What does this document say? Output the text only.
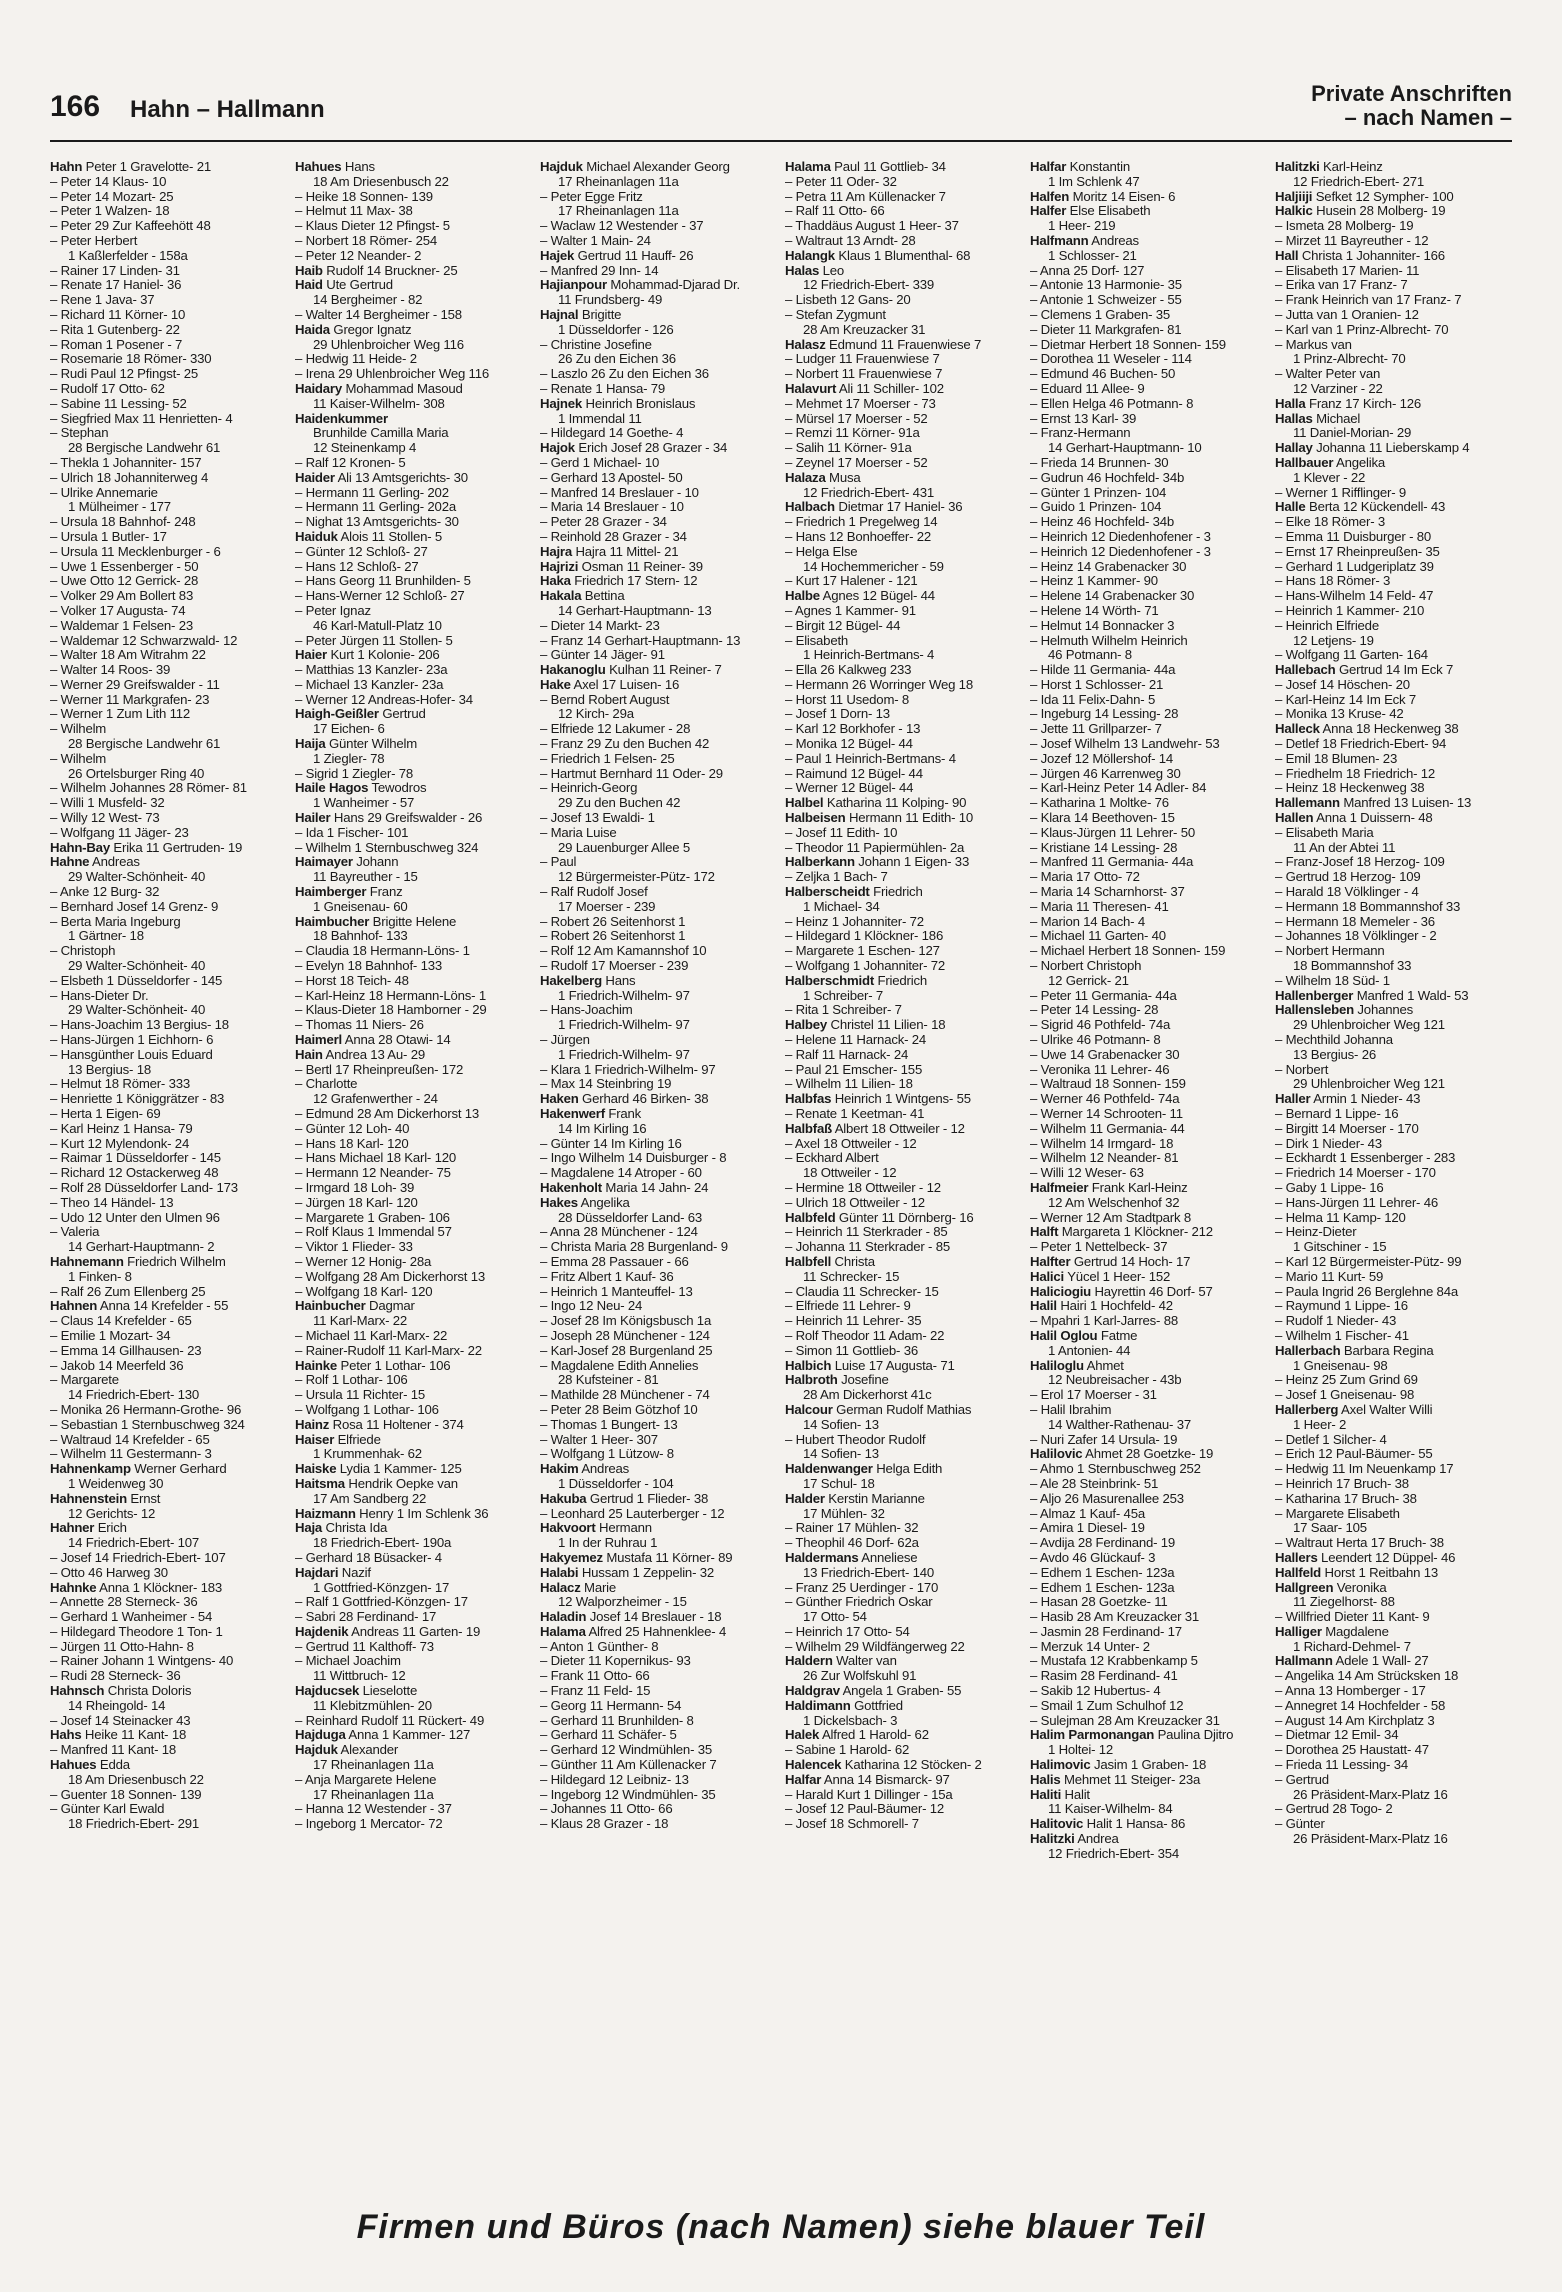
166 Hahn – Hallmann
Private Anschriften
– nach Namen –
Hahn Peter 1 Gravelotte- 21
– Peter 14 Klaus- 10
– Peter 14 Mozart- 25
– Peter 1 Walzen- 18
– Peter 29 Zur Kaffeehött 48
– Peter Herbert
1 Kaßlerfelder - 158a
– Rainer 17 Linden- 31
– Renate 17 Haniel- 36
– Rene 1 Java- 37
– Richard 11 Körner- 10
– Rita 1 Gutenberg- 22
– Roman 1 Posener - 7
– Rosemarie 18 Römer- 330
– Rudi Paul 12 Pfingst- 25
– Rudolf 17 Otto- 62
– Sabine 11 Lessing- 52
– Siegfried Max 11 Henrietten- 4
– Stephan
28 Bergische Landwehr 61
– Thekla 1 Johanniter- 157
– Ulrich 18 Johanniterweg 4
– Ulrike Annemarie
1 Mülheimer - 177
– Ursula 18 Bahnhof- 248
– Ursula 1 Butler- 17
– Ursula 11 Mecklenburger - 6
– Uwe 1 Essenberger - 50
– Uwe Otto 12 Gerrick- 28
– Volker 29 Am Bollert 83
– Volker 17 Augusta- 74
– Waldemar 1 Felsen- 23
– Waldemar 12 Schwarzwald- 12
– Walter 18 Am Witrahm 22
– Walter 14 Roos- 39
– Werner 29 Greifswalder - 11
– Werner 11 Markgrafen- 23
– Werner 1 Zum Lith 112
– Wilhelm
28 Bergische Landwehr 61
– Wilhelm
26 Ortelsburger Ring 40
– Wilhelm Johannes 28 Römer- 81
– Willi 1 Musfeld- 32
– Willy 12 West- 73
– Wolfgang 11 Jäger- 23
Hahn-Bay Erika 11 Gertruden- 19
Hahne Andreas
29 Walter-Schönheit- 40
– Anke 12 Burg- 32
– Bernhard Josef 14 Grenz- 9
– Berta Maria Ingeburg
1 Gärtner- 18
– Christoph
29 Walter-Schönheit- 40
– Elsbeth 1 Düsseldorfer - 145
– Hans-Dieter Dr.
29 Walter-Schönheit- 40
– Hans-Joachim 13 Bergius- 18
– Hans-Jürgen 1 Eichhorn- 6
– Hansgünther Louis Eduard
13 Bergius- 18
– Helmut 18 Römer- 333
– Henriette 1 Königgrätzer - 83
– Herta 1 Eigen- 69
– Karl Heinz 1 Hansa- 79
– Kurt 12 Mylendonk- 24
– Raimar 1 Düsseldorfer - 145
– Richard 12 Ostackerweg 48
– Rolf 28 Düsseldorfer Land- 173
– Theo 14 Händel- 13
– Udo 12 Unter den Ulmen 96
– Valeria
14 Gerhart-Hauptmann- 2
Hahnemann Friedrich Wilhelm
1 Finken- 8
– Ralf 26 Zum Ellenberg 25
Hahnen Anna 14 Krefelder - 55
– Claus 14 Krefelder - 65
– Emilie 1 Mozart- 34
– Emma 14 Gillhausen- 23
– Jakob 14 Meerfeld 36
– Margarete
14 Friedrich-Ebert- 130
– Monika 26 Hermann-Grothe- 96
– Sebastian 1 Sternbuschweg 324
– Waltraud 14 Krefelder - 65
– Wilhelm 11 Gestermann- 3
Hahnenkamp Werner Gerhard
1 Weidenweg 30
Hahnenstein Ernst
12 Gerichts- 12
Hahner Erich
14 Friedrich-Ebert- 107
– Josef 14 Friedrich-Ebert- 107
– Otto 46 Harweg 30
Hahnke Anna 1 Klöckner- 183
– Annette 28 Sterneck- 36
– Gerhard 1 Wanheimer - 54
– Hildegard Theodore 1 Ton- 1
– Jürgen 11 Otto-Hahn- 8
– Rainer Johann 1 Wintgens- 40
– Rudi 28 Sterneck- 36
Hahnsch Christa Doloris
14 Rheingold- 14
– Josef 14 Steinacker 43
Hahs Heike 11 Kant- 18
– Manfred 11 Kant- 18
Hahues Edda
18 Am Driesenbusch 22
– Guenter 18 Sonnen- 139
– Günter Karl Ewald
18 Friedrich-Ebert- 291
Hahues Hans
18 Am Driesenbusch 22
– Heike 18 Sonnen- 139
– Helmut 11 Max- 38
– Klaus Dieter 12 Pfingst- 5
– Norbert 18 Römer- 254
– Peter 12 Neander- 2
Haib Rudolf 14 Bruckner- 25
Haid Ute Gertrud
14 Bergheimer - 82
– Walter 14 Bergheimer - 158
Haida Gregor Ignatz
29 Uhlenbroicher Weg 116
– Hedwig 11 Heide- 2
– Irena 29 Uhlenbroicher Weg 116
Haidary Mohammad Masoud
11 Kaiser-Wilhelm- 308
Haidenkummer
Brunhilde Camilla Maria
12 Steinenkamp 4
– Ralf 12 Kronen- 5
Haider Ali 13 Amtsgerichts- 30
– Hermann 11 Gerling- 202
– Hermann 11 Gerling- 202a
– Nighat 13 Amtsgerichts- 30
Haiduk Alois 11 Stollen- 5
– Günter 12 Schloß- 27
– Hans 12 Schloß- 27
– Hans Georg 11 Brunhilden- 5
– Hans-Werner 12 Schloß- 27
– Peter Ignaz
46 Karl-Matull-Platz 10
– Peter Jürgen 11 Stollen- 5
Haier Kurt 1 Kolonie- 206
– Matthias 13 Kanzler- 23a
– Michael 13 Kanzler- 23a
– Werner 12 Andreas-Hofer- 34
Haigh-Geißler Gertrud
17 Eichen- 6
Haija Günter Wilhelm
1 Ziegler- 78
– Sigrid 1 Ziegler- 78
Haile Hagos Tewodros
1 Wanheimer - 57
Hailer Hans 29 Greifswalder - 26
– Ida 1 Fischer- 101
– Wilhelm 1 Sternbuschweg 324
Haimayer Johann
11 Bayreuther - 15
Haimberger Franz
1 Gneisenau- 60
Haimbucher Brigitte Helene
18 Bahnhof- 133
– Claudia 18 Hermann-Löns- 1
– Evelyn 18 Bahnhof- 133
– Horst 18 Teich- 48
– Karl-Heinz 18 Hermann-Löns- 1
– Klaus-Dieter 18 Hamborner - 29
– Thomas 11 Niers- 26
Haimerl Anna 28 Otawi- 14
Hain Andrea 13 Au- 29
– Bertl 17 Rheinpreußen- 172
– Charlotte
12 Grafenwerther - 24
– Edmund 28 Am Dickerhorst 13
– Günter 12 Loh- 40
– Hans 18 Karl- 120
– Hans Michael 18 Karl- 120
– Hermann 12 Neander- 75
– Irmgard 18 Loh- 39
– Jürgen 18 Karl- 120
– Margarete 1 Graben- 106
– Rolf Klaus 1 Immendal 57
– Viktor 1 Flieder- 33
– Werner 12 Honig- 28a
– Wolfgang 28 Am Dickerhorst 13
– Wolfgang 18 Karl- 120
Hainbucher Dagmar
11 Karl-Marx- 22
– Michael 11 Karl-Marx- 22
– Rainer-Rudolf 11 Karl-Marx- 22
Hainke Peter 1 Lothar- 106
– Rolf 1 Lothar- 106
– Ursula 11 Richter- 15
– Wolfgang 1 Lothar- 106
Hainz Rosa 11 Holtener - 374
Haiser Elfriede
1 Krummenhak- 62
Haiske Lydia 1 Kammer- 125
Haitsma Hendrik Oepke van
17 Am Sandberg 22
Haizmann Henry 1 Im Schlenk 36
Haja Christa Ida
18 Friedrich-Ebert- 190a
– Gerhard 18 Büsacker- 4
Hajdari Nazif
1 Gottfried-Könzgen- 17
– Ralf 1 Gottfried-Könzgen- 17
– Sabri 28 Ferdinand- 17
Hajdenik Andreas 11 Garten- 19
– Gertrud 11 Kalthoff- 73
– Michael Joachim
11 Wittbruch- 12
Hajducsek Lieselotte
11 Klebitzmühlen- 20
– Reinhard Rudolf 11 Rückert- 49
Hajduga Anna 1 Kammer- 127
Hajduk Alexander
17 Rheinanlagen 11a
– Anja Margarete Helene
17 Rheinanlagen 11a
– Hanna 12 Westender - 37
– Ingeborg 1 Mercator- 72
Hajduk Michael Alexander Georg
17 Rheinanlagen 11a
– Peter Egge Fritz
17 Rheinanlagen 11a
– Waclaw 12 Westender - 37
– Walter 1 Main- 24
Hajek Gertrud 11 Hauff- 26
– Manfred 29 Inn- 14
Hajianpour Mohammad-Djarad Dr.
11 Frundsberg- 49
Hajnal Brigitte
1 Düsseldorfer - 126
– Christine Josefine
26 Zu den Eichen 36
– Laszlo 26 Zu den Eichen 36
– Renate 1 Hansa- 79
Hajnek Heinrich Bronislaus
1 Immendal 11
– Hildegard 14 Goethe- 4
Hajok Erich Josef 28 Grazer - 34
– Gerd 1 Michael- 10
– Gerhard 13 Apostel- 50
– Manfred 14 Breslauer - 10
– Maria 14 Breslauer - 10
– Peter 28 Grazer - 34
– Reinhold 28 Grazer - 34
Hajra Hajra 11 Mittel- 21
Hajrizi Osman 11 Reiner- 39
Haka Friedrich 17 Stern- 12
Hakala Bettina
14 Gerhart-Hauptmann- 13
– Dieter 14 Markt- 23
– Franz 14 Gerhart-Hauptmann- 13
– Günter 14 Jäger- 91
Hakanoglu Kulhan 11 Reiner- 7
Hake Axel 17 Luisen- 16
– Bernd Robert August
12 Kirch- 29a
– Elfriede 12 Lakumer - 28
– Franz 29 Zu den Buchen 42
– Friedrich 1 Felsen- 25
– Hartmut Bernhard 11 Oder- 29
– Heinrich-Georg
29 Zu den Buchen 42
– Josef 13 Ewaldi- 1
– Maria Luise
29 Lauenburger Allee 5
– Paul
12 Bürgermeister-Pütz- 172
– Ralf Rudolf Josef
17 Moerser - 239
– Robert 26 Seitenhorst 1
– Robert 26 Seitenhorst 1
– Rolf 12 Am Kamannshof 10
– Rudolf 17 Moerser - 239
Hakelberg Hans
1 Friedrich-Wilhelm- 97
– Hans-Joachim
1 Friedrich-Wilhelm- 97
– Jürgen
1 Friedrich-Wilhelm- 97
– Klara 1 Friedrich-Wilhelm- 97
– Max 14 Steinbring 19
Haken Gerhard 46 Birken- 38
Hakenwerf Frank
14 Im Kirling 16
– Günter 14 Im Kirling 16
– Ingo Wilhelm 14 Duisburger - 8
– Magdalene 14 Atroper - 60
Hakenholt Maria 14 Jahn- 24
Hakes Angelika
28 Düsseldorfer Land- 63
– Anna 28 Münchener - 124
– Christa Maria 28 Burgenland- 9
– Emma 28 Passauer - 66
– Fritz Albert 1 Kauf- 36
– Heinrich 1 Manteuffel- 13
– Ingo 12 Neu- 24
– Josef 28 Im Königsbusch 1a
– Joseph 28 Münchener - 124
– Karl-Josef 28 Burgenland 25
– Magdalene Edith Annelies
28 Kufsteiner - 81
– Mathilde 28 Münchener - 74
– Peter 28 Beim Götzhof 10
– Thomas 1 Bungert- 13
– Walter 1 Heer- 307
– Wolfgang 1 Lützow- 8
Hakim Andreas
1 Düsseldorfer - 104
Hakuba Gertrud 1 Flieder- 38
– Leonhard 25 Lauterberger - 12
Hakvoort Hermann
1 In der Ruhrau 1
Hakyemez Mustafa 11 Körner- 89
Halabi Hussam 1 Zeppelin- 32
Halacz Marie
12 Walporzheimer - 15
Haladin Josef 14 Breslauer - 18
Halama Alfred 25 Hahnenklee- 4
– Anton 1 Günther- 8
– Dieter 11 Kopernikus- 93
– Frank 11 Otto- 66
– Franz 11 Feld- 15
– Georg 11 Hermann- 54
– Gerhard 11 Brunhilden- 8
– Gerhard 11 Schäfer- 5
– Gerhard 12 Windmühlen- 35
– Günther 11 Am Küllenacker 7
– Hildegard 12 Leibniz- 13
– Ingeborg 12 Windmühlen- 35
– Johannes 11 Otto- 66
– Klaus 28 Grazer - 18
Halama Paul 11 Gottlieb- 34
– Peter 11 Oder- 32
– Petra 11 Am Küllenacker 7
– Ralf 11 Otto- 66
– Thaddäus August 1 Heer- 37
– Waltraut 13 Arndt- 28
Halangk Klaus 1 Blumenthal- 68
Halas Leo
12 Friedrich-Ebert- 339
– Lisbeth 12 Gans- 20
– Stefan Zygmunt
28 Am Kreuzacker 31
Halasz Edmund 11 Frauenwiese 7
– Ludger 11 Frauenwiese 7
– Norbert 11 Frauenwiese 7
Halavurt Ali 11 Schiller- 102
– Mehmet 17 Moerser - 73
– Mürsel 17 Moerser - 52
– Remzi 11 Körner- 91a
– Salih 11 Körner- 91a
– Zeynel 17 Moerser - 52
Halaza Musa
12 Friedrich-Ebert- 431
Halbach Dietmar 17 Haniel- 36
– Friedrich 1 Pregelweg 14
– Hans 12 Bonhoeffer- 22
– Helga Else
14 Hochemmericher - 59
– Kurt 17 Halener - 121
Halbe Agnes 12 Bügel- 44
– Agnes 1 Kammer- 91
– Birgit 12 Bügel- 44
– Elisabeth
1 Heinrich-Bertmans- 4
– Ella 26 Kalkweg 233
– Hermann 26 Worringer Weg 18
– Horst 11 Usedom- 8
– Josef 1 Dorn- 13
– Karl 12 Borkhofer - 13
– Monika 12 Bügel- 44
– Paul 1 Heinrich-Bertmans- 4
– Raimund 12 Bügel- 44
– Werner 12 Bügel- 44
Halbel Katharina 11 Kolping- 90
Halbeisen Hermann 11 Edith- 10
– Josef 11 Edith- 10
– Theodor 11 Papiermühlen- 2a
Halberkann Johann 1 Eigen- 33
– Zeljka 1 Bach- 7
Halberscheidt Friedrich
1 Michael- 34
– Heinz 1 Johanniter- 72
– Hildegard 1 Klöckner- 186
– Margarete 1 Eschen- 127
– Wolfgang 1 Johanniter- 72
Halberschmidt Friedrich
1 Schreiber- 7
– Rita 1 Schreiber- 7
Halbey Christel 11 Lilien- 18
– Helene 11 Harnack- 24
– Ralf 11 Harnack- 24
– Paul 21 Emscher- 155
– Wilhelm 11 Lilien- 18
Halbfas Heinrich 1 Wintgens- 55
– Renate 1 Keetman- 41
Halbfaß Albert 18 Ottweiler - 12
– Axel 18 Ottweiler - 12
– Eckhard Albert
18 Ottweiler - 12
– Hermine 18 Ottweiler - 12
– Ulrich 18 Ottweiler - 12
Halbfeld Günter 11 Dörnberg- 16
– Heinrich 11 Sterkrader - 85
– Johanna 11 Sterkrader - 85
Halbfell Christa
11 Schrecker- 15
– Claudia 11 Schrecker- 15
– Elfriede 11 Lehrer- 9
– Heinrich 11 Lehrer- 35
– Rolf Theodor 11 Adam- 22
– Simon 11 Gottlieb- 36
Halbich Luise 17 Augusta- 71
Halbroth Josefine
28 Am Dickerhorst 41c
Halcour German Rudolf Mathias
14 Sofien- 13
– Hubert Theodor Rudolf
14 Sofien- 13
Haldenwanger Helga Edith
17 Schul- 18
Halder Kerstin Marianne
17 Mühlen- 32
– Rainer 17 Mühlen- 32
– Theophil 46 Dorf- 62a
Haldermans Anneliese
13 Friedrich-Ebert- 140
– Franz 25 Uerdinger - 170
– Günther Friedrich Oskar
17 Otto- 54
– Heinrich 17 Otto- 54
– Wilhelm 29 Wildfängerweg 22
Haldern Walter van
26 Zur Wolfskuhl 91
Haldgrav Angela 1 Graben- 55
Haldimann Gottfried
1 Dickelsbach- 3
Halek Alfred 1 Harold- 62
– Sabine 1 Harold- 62
Halencek Katharina 12 Stöcken- 2
Halfar Anna 14 Bismarck- 97
– Harald Kurt 1 Dillinger - 15a
– Josef 12 Paul-Bäumer- 12
– Josef 18 Schmorell- 7
Halfar Konstantin
1 Im Schlenk 47
Halfen Moritz 14 Eisen- 6
Halfer Else Elisabeth
1 Heer- 219
Halfmann Andreas
1 Schlosser- 21
– Anna 25 Dorf- 127
– Antonie 13 Harmonie- 35
– Antonie 1 Schweizer - 55
– Clemens 1 Graben- 35
– Dieter 11 Markgrafen- 81
– Dietmar Herbert 18 Sonnen- 159
– Dorothea 11 Weseler - 114
– Edmund 46 Buchen- 50
– Eduard 11 Allee- 9
– Ellen Helga 46 Potmann- 8
– Ernst 13 Karl- 39
– Franz-Hermann
14 Gerhart-Hauptmann- 10
– Frieda 14 Brunnen- 30
– Gudrun 46 Hochfeld- 34b
– Günter 1 Prinzen- 104
– Guido 1 Prinzen- 104
– Heinz 46 Hochfeld- 34b
– Heinrich 12 Diedenhofener - 3
– Heinrich 12 Diedenhofener - 3
– Heinz 14 Grabenacker 30
– Heinz 1 Kammer- 90
– Helene 14 Grabenacker 30
– Helene 14 Wörth- 71
– Helmut 14 Bonnacker 3
– Helmuth Wilhelm Heinrich
46 Potmann- 8
– Hilde 11 Germania- 44a
– Horst 1 Schlosser- 21
– Ida 11 Felix-Dahn- 5
– Ingeburg 14 Lessing- 28
– Jette 11 Grillparzer- 7
– Josef Wilhelm 13 Landwehr- 53
– Jozef 12 Möllershof- 14
– Jürgen 46 Karrenweg 30
– Karl-Heinz Peter 14 Adler- 84
– Katharina 1 Moltke- 76
– Klara 14 Beethoven- 15
– Klaus-Jürgen 11 Lehrer- 50
– Kristiane 14 Lessing- 28
– Manfred 11 Germania- 44a
– Maria 17 Otto- 72
– Maria 14 Scharnhorst- 37
– Maria 11 Theresen- 41
– Marion 14 Bach- 4
– Michael 11 Garten- 40
– Michael Herbert 18 Sonnen- 159
– Norbert Christoph
12 Gerrick- 21
– Peter 11 Germania- 44a
– Peter 14 Lessing- 28
– Sigrid 46 Pothfeld- 74a
– Ulrike 46 Potmann- 8
– Uwe 14 Grabenacker 30
– Veronika 11 Lehrer- 46
– Waltraud 18 Sonnen- 159
– Werner 46 Pothfeld- 74a
– Werner 14 Schrooten- 11
– Wilhelm 11 Germania- 44
– Wilhelm 14 Irmgard- 18
– Wilhelm 12 Neander- 81
– Willi 12 Weser- 63
Halfmeier Frank Karl-Heinz
12 Am Welschenhof 32
– Werner 12 Am Stadtpark 8
Halft Margareta 1 Klöckner- 212
– Peter 1 Nettelbeck- 37
Halfter Gertrud 14 Hoch- 17
Halici Yücel 1 Heer- 152
Haliciogiu Hayrettin 46 Dorf- 57
Halil Hairi 1 Hochfeld- 42
– Mpahri 1 Karl-Jarres- 88
Halil Oglou Fatme
1 Antonien- 44
Haliloglu Ahmet
12 Neubreisacher - 43b
– Erol 17 Moerser - 31
– Halil Ibrahim
14 Walther-Rathenau- 37
– Nuri Zafer 14 Ursula- 19
Halilovic Ahmet 28 Goetzke- 19
– Ahmo 1 Sternbuschweg 252
– Ale 28 Steinbrink- 51
– Aljo 26 Masurenallee 253
– Almaz 1 Kauf- 45a
– Amira 1 Diesel- 19
– Avdija 28 Ferdinand- 19
– Avdo 46 Glückauf- 3
– Edhem 1 Eschen- 123a
– Edhem 1 Eschen- 123a
– Hasan 28 Goetzke- 11
– Hasib 28 Am Kreuzacker 31
– Jasmin 28 Ferdinand- 17
– Merzuk 14 Unter- 2
– Mustafa 12 Krabbenkamp 5
– Rasim 28 Ferdinand- 41
– Sakib 12 Hubertus- 4
– Smail 1 Zum Schulhof 12
– Sulejman 28 Am Kreuzacker 31
Halim Parmonangan Paulina Djitro
1 Holtei- 12
Halimovic Jasim 1 Graben- 18
Halis Mehmet 11 Steiger- 23a
Haliti Halit
11 Kaiser-Wilhelm- 84
Halitovic Halit 1 Hansa- 86
Halitzki Andrea
12 Friedrich-Ebert- 354
Halitzki Karl-Heinz
12 Friedrich-Ebert- 271
Haljiiji Sefket 12 Sympher- 100
Halkic Husein 28 Molberg- 19
– Ismeta 28 Molberg- 19
– Mirzet 11 Bayreuther - 12
Hall Christa 1 Johanniter- 166
– Elisabeth 17 Marien- 11
– Erika van 17 Franz- 7
– Frank Heinrich van 17 Franz- 7
– Jutta van 1 Oranien- 12
– Karl van 1 Prinz-Albrecht- 70
– Markus van
1 Prinz-Albrecht- 70
– Walter Peter van
12 Varziner - 22
Halla Franz 17 Kirch- 126
Hallas Michael
11 Daniel-Morian- 29
Hallay Johanna 11 Lieberskamp 4
Hallbauer Angelika
1 Klever - 22
– Werner 1 Rifflinger- 9
Halle Berta 12 Kückendell- 43
– Elke 18 Römer- 3
– Emma 11 Duisburger - 80
– Ernst 17 Rheinpreußen- 35
– Gerhard 1 Ludgeriplatz 39
– Hans 18 Römer- 3
– Hans-Wilhelm 14 Feld- 47
– Heinrich 1 Kammer- 210
– Heinrich Elfriede
12 Letjens- 19
– Wolfgang 11 Garten- 164
Hallebach Gertrud 14 Im Eck 7
– Josef 14 Höschen- 20
– Karl-Heinz 14 Im Eck 7
– Monika 13 Kruse- 42
Halleck Anna 18 Heckenweg 38
– Detlef 18 Friedrich-Ebert- 94
– Emil 18 Blumen- 23
– Friedhelm 18 Friedrich- 12
– Heinz 18 Heckenweg 38
Hallemann Manfred 13 Luisen- 13
Hallen Anna 1 Duissern- 48
– Elisabeth Maria
11 An der Abtei 11
– Franz-Josef 18 Herzog- 109
– Gertrud 18 Herzog- 109
– Harald 18 Völklinger - 4
– Hermann 18 Bommannshof 33
– Hermann 18 Memeler - 36
– Johannes 18 Völklinger - 2
– Norbert Hermann
18 Bommannshof 33
– Wilhelm 18 Süd- 1
Hallenberger Manfred 1 Wald- 53
Hallensleben Johannes
29 Uhlenbroicher Weg 121
– Mechthild Johanna
13 Bergius- 26
– Norbert
29 Uhlenbroicher Weg 121
Haller Armin 1 Nieder- 43
– Bernard 1 Lippe- 16
– Birgitt 14 Moerser - 170
– Dirk 1 Nieder- 43
– Eckhardt 1 Essenberger - 283
– Friedrich 14 Moerser - 170
– Gaby 1 Lippe- 16
– Hans-Jürgen 11 Lehrer- 46
– Helma 11 Kamp- 120
– Heinz-Dieter
1 Gitschiner - 15
– Karl 12 Bürgermeister-Pütz- 99
– Mario 11 Kurt- 59
– Paula Ingrid 26 Berglehne 84a
– Raymund 1 Lippe- 16
– Rudolf 1 Nieder- 43
– Wilhelm 1 Fischer- 41
Hallerbach Barbara Regina
1 Gneisenau- 98
– Heinz 25 Zum Grind 69
– Josef 1 Gneisenau- 98
Hallerberg Axel Walter Willi
1 Heer- 2
– Detlef 1 Silcher- 4
– Erich 12 Paul-Bäumer- 55
– Hedwig 11 Im Neuenkamp 17
– Heinrich 17 Bruch- 38
– Katharina 17 Bruch- 38
– Margarete Elisabeth
17 Saar- 105
– Waltraut Herta 17 Bruch- 38
Hallers Leendert 12 Düppel- 46
Hallfeld Horst 1 Reitbahn 13
Hallgreen Veronika
11 Ziegelhorst- 88
– Willfried Dieter 11 Kant- 9
Halliger Magdalene
1 Richard-Dehmel- 7
Hallmann Adele 1 Wall- 27
– Angelika 14 Am Strücksken 18
– Anna 13 Homberger - 17
– Annegret 14 Hochfelder - 58
– August 14 Am Kirchplatz 3
– Dietmar 12 Emil- 34
– Dorothea 25 Haustatt- 47
– Frieda 11 Lessing- 34
– Gertrud
26 Präsident-Marx-Platz 16
– Gertrud 28 Togo- 2
– Günter
26 Präsident-Marx-Platz 16
Firmen und Büros (nach Namen) siehe blauer Teil
